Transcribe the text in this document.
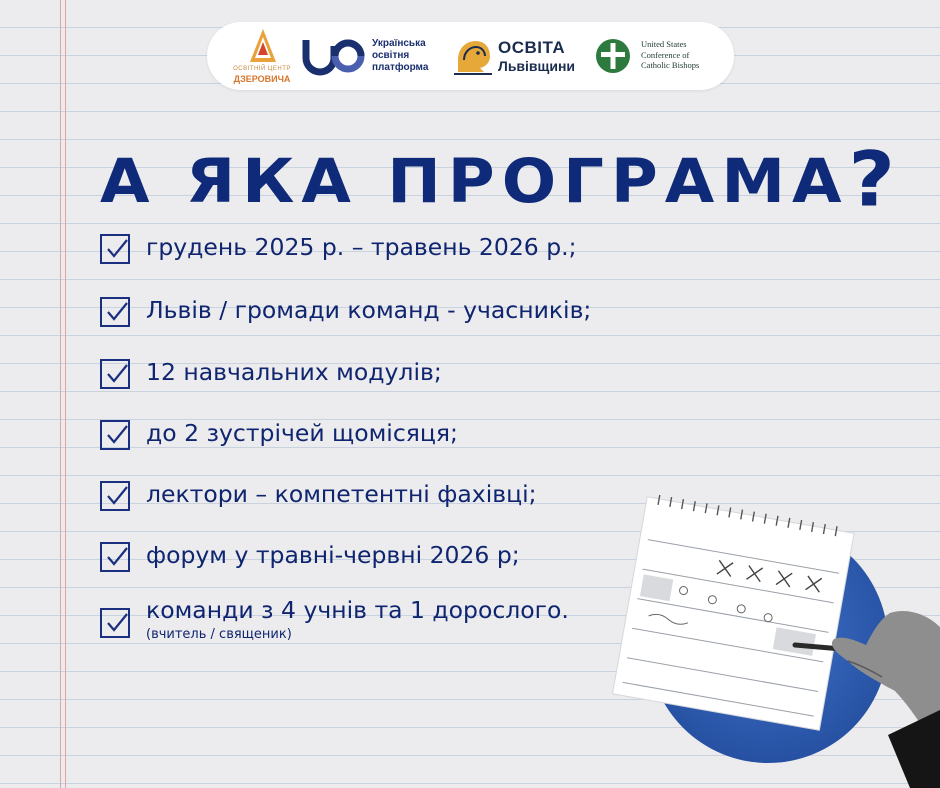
ОСВІТНІЙ ЦЕНТР
ДЗЕРОВИЧА
Українська
освітня
платформа
ОСВІТА
Львівщини
United States
Conference of
Catholic Bishops
А ЯКА ПРОГРАМА?
грудень 2025 р. – травень 2026 р.;
Львів / громади команд - учасників;
12 навчальних модулів;
до 2 зустрічей щомісяця;
лектори – компетентні фахівці;
форум у травні-червні 2026 р;
команди з 4 учнів та 1 дорослого.
(вчитель / священик)
